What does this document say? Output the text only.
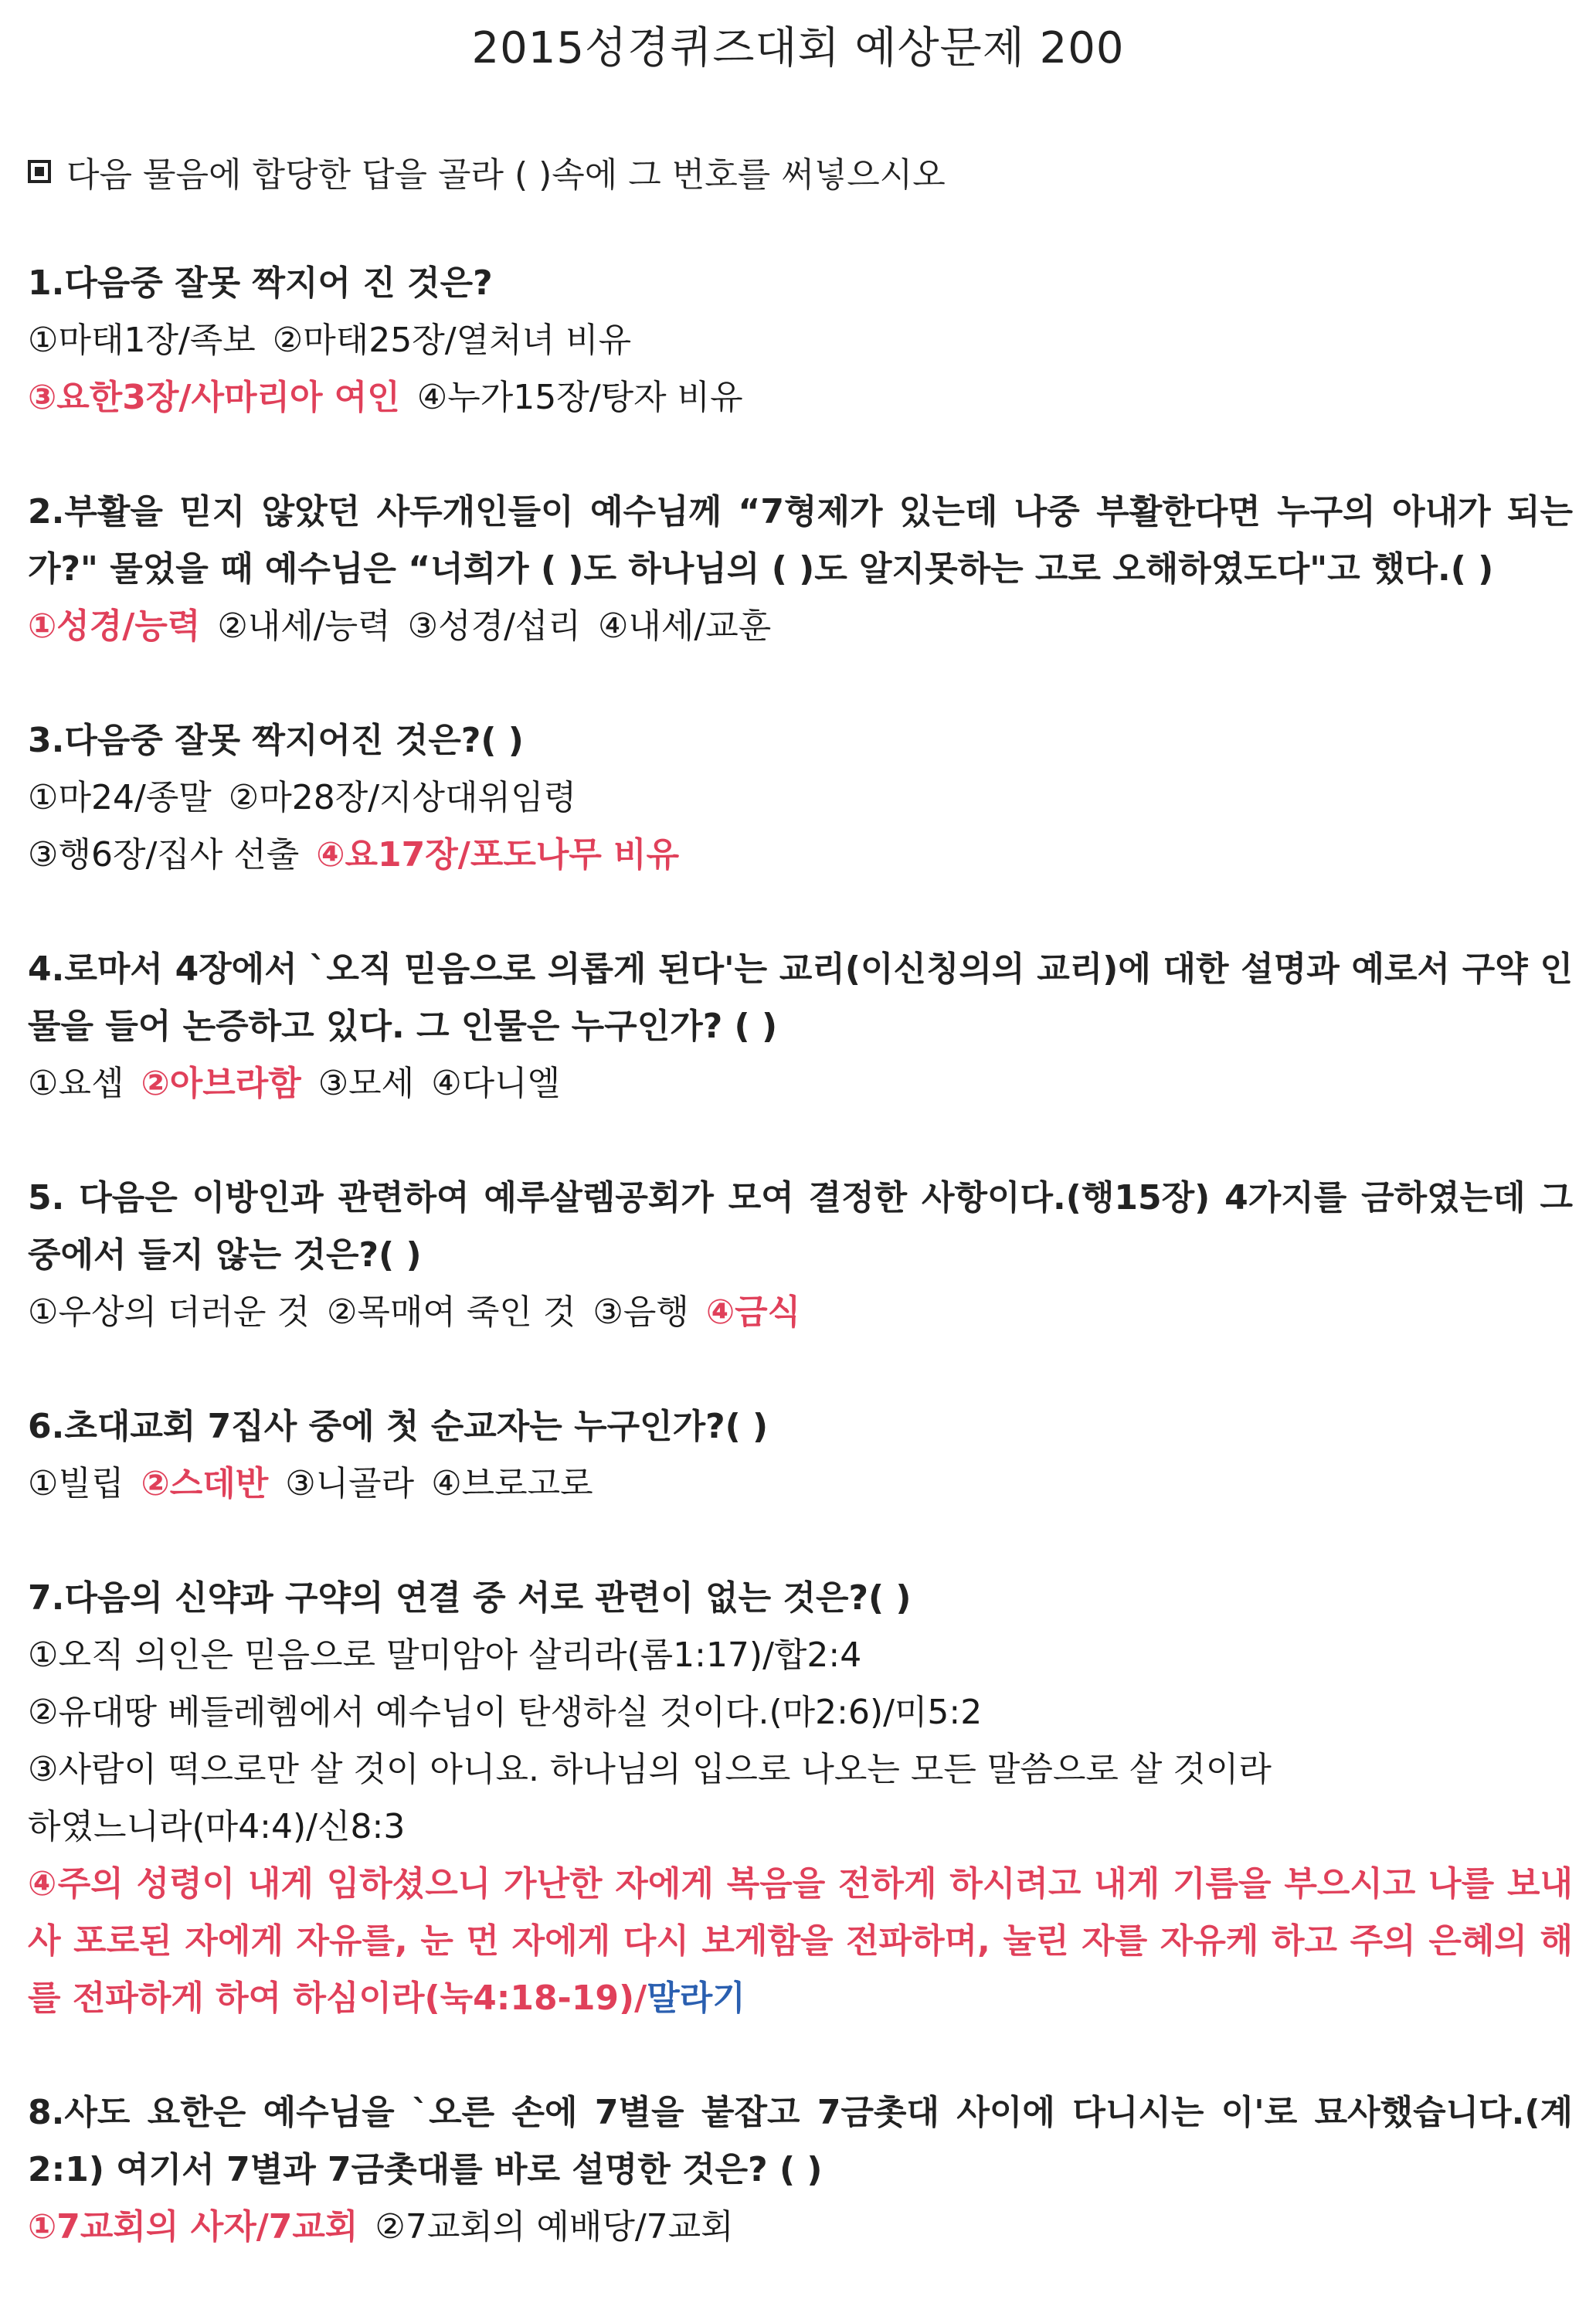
2015성경퀴즈대회 예상문제 200
다음 물음에 합당한 답을 골라 ( )속에 그 번호를 써넣으시오
1.다음중 잘못 짝지어 진 것은?
①마태1장/족보 ②마태25장/열처녀 비유
③요한3장/사마리아 여인 ④누가15장/탕자 비유
2.부활을 믿지 않았던 사두개인들이 예수님께 “7형제가 있는데 나중 부활한다면 누구의 아내가 되는가?" 물었을 때 예수님은 “너희가 ( )도 하나님의 ( )도 알지못하는 고로 오해하였도다"고 했다.( )
①성경/능력 ②내세/능력 ③성경/섭리 ④내세/교훈
3.다음중 잘못 짝지어진 것은?( )
①마24/종말 ②마28장/지상대위임령
③행6장/집사 선출 ④요17장/포도나무 비유
4.로마서 4장에서 `오직 믿음으로 의롭게 된다'는 교리(이신칭의의 교리)에 대한 설명과 예로서 구약 인물을 들어 논증하고 있다. 그 인물은 누구인가? ( )
①요셉 ②아브라함 ③모세 ④다니엘
5. 다음은 이방인과 관련하여 예루살렘공회가 모여 결정한 사항이다.(행15장) 4가지를 금하였는데 그 중에서 들지 않는 것은?( )
①우상의 더러운 것 ②목매여 죽인 것 ③음행 ④금식
6.초대교회 7집사 중에 첫 순교자는 누구인가?( )
①빌립 ②스데반 ③니골라 ④브로고로
7.다음의 신약과 구약의 연결 중 서로 관련이 없는 것은?( )
①오직 의인은 믿음으로 말미암아 살리라(롬1:17)/합2:4
②유대땅 베들레헴에서 예수님이 탄생하실 것이다.(마2:6)/미5:2
③사람이 떡으로만 살 것이 아니요. 하나님의 입으로 나오는 모든 말씀으로 살 것이라
하였느니라(마4:4)/신8:3
④주의 성령이 내게 임하셨으니 가난한 자에게 복음을 전하게 하시려고 내게 기름을 부으시고 나를 보내사 포로된 자에게 자유를, 눈 먼 자에게 다시 보게함을 전파하며, 눌린 자를 자유케 하고 주의 은혜의 해를 전파하게 하여 하심이라(눅4:18-19)/말라기
8.사도 요한은 예수님을 `오른 손에 7별을 붙잡고 7금촛대 사이에 다니시는 이'로 묘사했습니다.(계2:1) 여기서 7별과 7금촛대를 바로 설명한 것은? ( )
①7교회의 사자/7교회 ②7교회의 예배당/7교회
